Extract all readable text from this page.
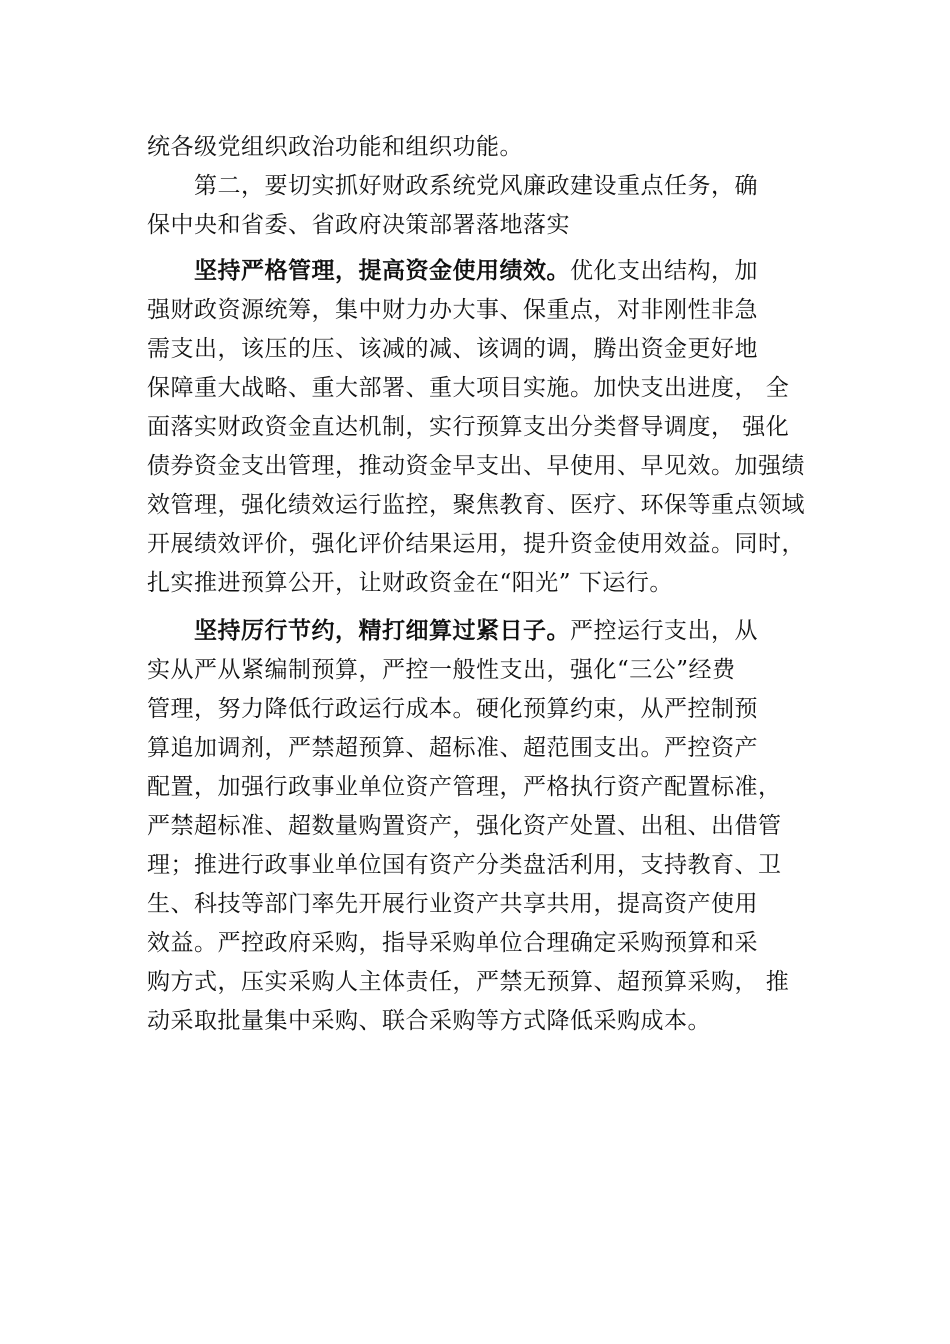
统各级党组织政治功能和组织功能。
第二，要切实抓好财政系统党风廉政建设重点任务，确
保中央和省委、省政府决策部署落地落实
坚持严格管理，提高资金使用绩效。优化支出结构，加
强财政资源统筹，集中财力办大事、保重点，对非刚性非急
需支出，该压的压、该减的减、该调的调，腾出资金更好地
保障重大战略、重大部署、重大项目实施。加快支出进度， 全
面落实财政资金直达机制，实行预算支出分类督导调度， 强化
债券资金支出管理，推动资金早支出、早使用、早见效。加强绩
效管理，强化绩效运行监控，聚焦教育、医疗、环保等重点领域
开展绩效评价，强化评价结果运用，提升资金使用效益。同时，
扎实推进预算公开，让财政资金在“阳光” 下运行。
坚持厉行节约，精打细算过紧日子。严控运行支出，从
实从严从紧编制预算，严控一般性支出，强化“三公”经费
管理，努力降低行政运行成本。硬化预算约束，从严控制预
算追加调剂，严禁超预算、超标准、超范围支出。严控资产
配置，加强行政事业单位资产管理，严格执行资产配置标准，
严禁超标准、超数量购置资产，强化资产处置、出租、出借管
理；推进行政事业单位国有资产分类盘活利用，支持教育、卫
生、科技等部门率先开展行业资产共享共用，提高资产使用
效益。严控政府采购，指导采购单位合理确定采购预算和采
购方式，压实采购人主体责任，严禁无预算、超预算采购， 推
动采取批量集中采购、联合采购等方式降低采购成本。
